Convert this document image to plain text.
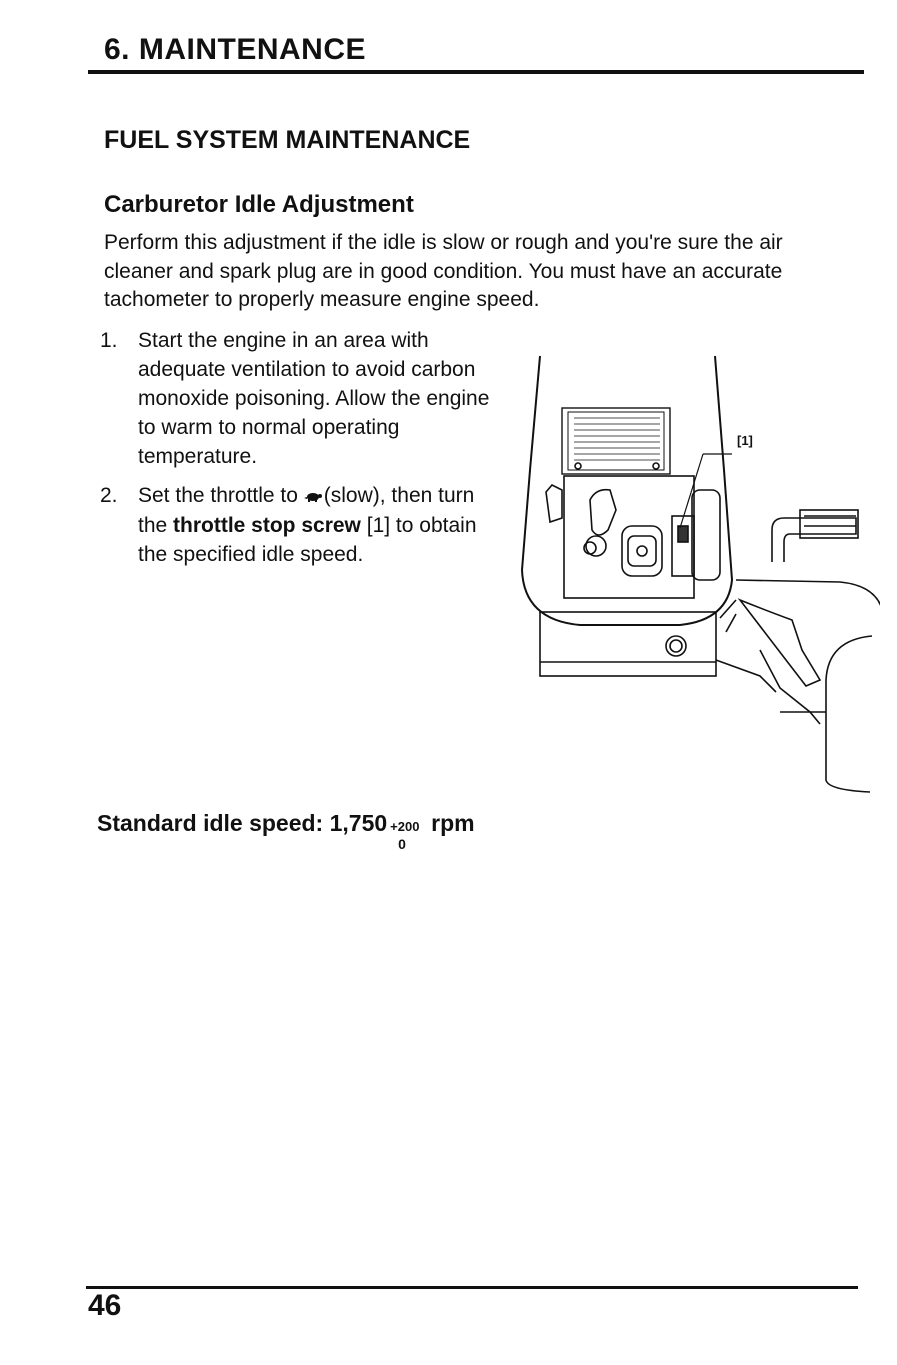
6. MAINTENANCE
FUEL SYSTEM MAINTENANCE
Carburetor Idle Adjustment

Perform this adjustment if the idle is slow or rough and you're sure the air cleaner and spark plug are in good condition. You must have an accurate tachometer to properly measure engine speed.

1. Start the engine in an area with adequate ventilation to avoid carbon monoxide poisoning. Allow the engine to warm to normal operating temperature.
2. Set the throttle to (slow), then turn the throttle stop screw [1] to obtain the specified idle speed.
[1]
Standard idle speed: 1,750 +200
0
rpm
46
